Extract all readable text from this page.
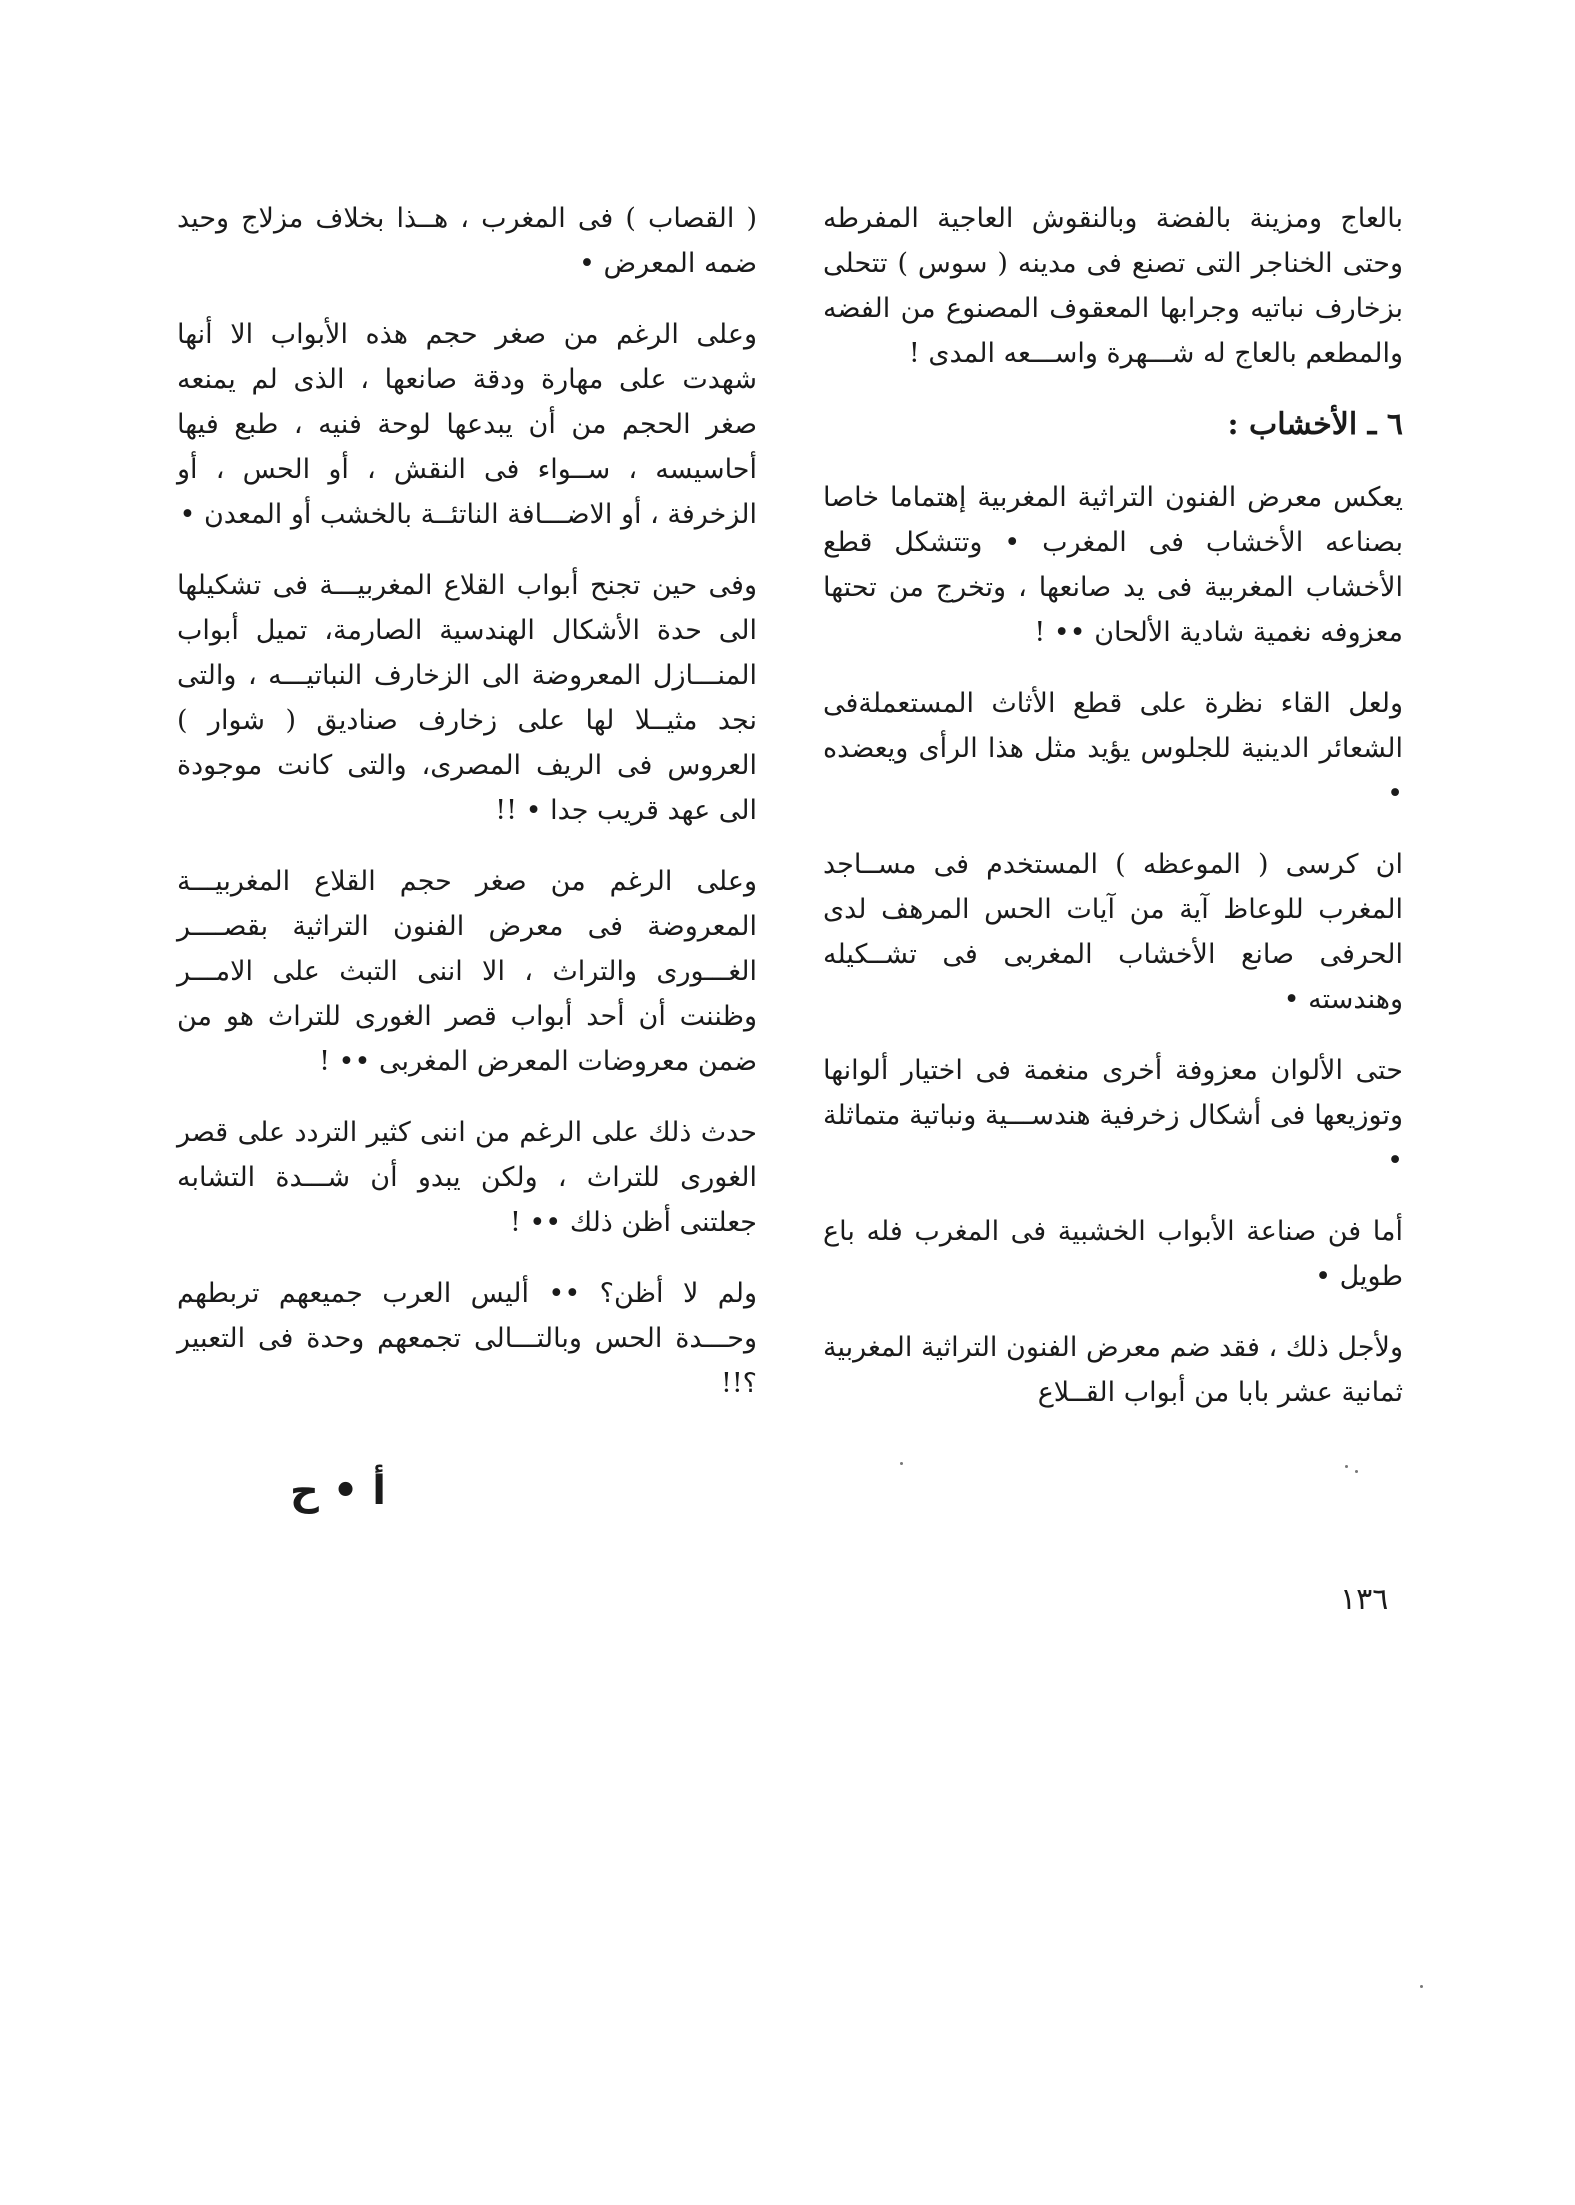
بالعاج ومزينة بالفضة وبالنقوش العاجية المفرطه وحتى الخناجر التى تصنع فى مدينه ( سوس ) تتحلى بزخارف نباتيه وجرابها المعقوف المصنوع من الفضه والمطعم بالعاج له شـــهرة واســـعه المدى !

٦ ـ الأخشاب :

يعكس معرض الفنون التراثية المغربية إهتماما خاصا بصناعه الأخشاب فى المغرب • وتتشكل قطع الأخشاب المغربية فى يد صانعها ، وتخرج من تحتها معزوفه نغمية شادية الألحان •• !

ولعل القاء نظرة على قطع الأثاث المستعملةفى الشعائر الدينية للجلوس يؤيد مثل هذا الرأى ويعضده •

ان كرسى ( الموعظه ) المستخدم فى مســاجد المغرب للوعاظ آية من آيات الحس المرهف لدى الحرفى صانع الأخشاب المغربى فى تشــكيله وهندسته •

حتى الألوان معزوفة أخرى منغمة فى اختيار ألوانها وتوزيعها فى أشكال زخرفية هندســـية ونباتية متماثلة •

أما فن صناعة الأبواب الخشبية فى المغرب فله باع طويل •

ولأجل ذلك ، فقد ضم معرض الفنون التراثية المغربية ثمانية عشر بابا من أبواب القــلاع

( القصاب ) فى المغرب ، هــذا بخلاف مزلاج وحيد ضمه المعرض •

وعلى الرغم من صغر حجم هذه الأبواب الا أنها شهدت على مهارة ودقة صانعها ، الذى لم يمنعه صغر الحجم من أن يبدعها لوحة فنيه ، طبع فيها أحاسيسه ، ســواء فى النقش ، أو الحس ، أو الزخرفة ، أو الاضـــافة الناتئــة بالخشب أو المعدن •

وفى حين تجنح أبواب القلاع المغربيـــة فى تشكيلها الى حدة الأشكال الهندسية الصارمة، تميل أبواب المنـــازل المعروضة الى الزخارف النباتيـــه ، والتى نجد مثيــلا لها على زخارف صناديق ( شوار ) العروس فى الريف المصرى، والتى كانت موجودة الى عهد قريب جدا • !!

وعلى الرغم من صغر حجم القلاع المغربيـــة المعروضة فى معرض الفنون التراثية بقصــــر الغـــورى والتراث ، الا اننى التبث على الامـــر وظننت أن أحد أبواب قصر الغورى للتراث هو من ضمن معروضات المعرض المغربى •• !

حدث ذلك على الرغم من اننى كثير التردد على قصر الغورى للتراث ، ولكن يبدو أن شـــدة التشابه جعلتنى أظن ذلك •• !

ولم لا أظن؟ •• أليس العرب جميعهم تربطهم وحـــدة الحس وبالتـــالى تجمعهم وحدة فى التعبير ؟!!

أ • ح
١٣٦
